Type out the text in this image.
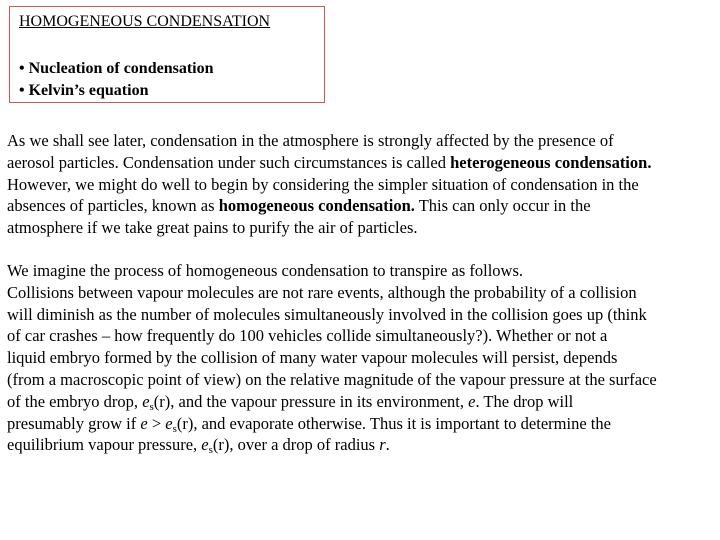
HOMOGENEOUS CONDENSATION
• Nucleation of condensation
• Kelvin’s equation
As we shall see later, condensation in the atmosphere is strongly affected by the presence of
aerosol particles. Condensation under such circumstances is called heterogeneous condensation.
However, we might do well to begin by considering the simpler situation of condensation in the
absences of particles, known as homogeneous condensation. This can only occur in the
atmosphere if we take great pains to purify the air of particles.
We imagine the process of homogeneous condensation to transpire as follows.
Collisions between vapour molecules are not rare events, although the probability of a collision
will diminish as the number of molecules simultaneously involved in the collision goes up (think
of car crashes – how frequently do 100 vehicles collide simultaneously?). Whether or not a
liquid embryo formed by the collision of many water vapour molecules will persist, depends
(from a macroscopic point of view) on the relative magnitude of the vapour pressure at the surface
of the embryo drop, $e_s(r)$, and the vapour pressure in its environment, e. The drop will
presumably grow if $e > e_s(r)$, and evaporate otherwise. Thus it is important to determine the
equilibrium vapour pressure, $e_s(r)$, over a drop of radius r.
